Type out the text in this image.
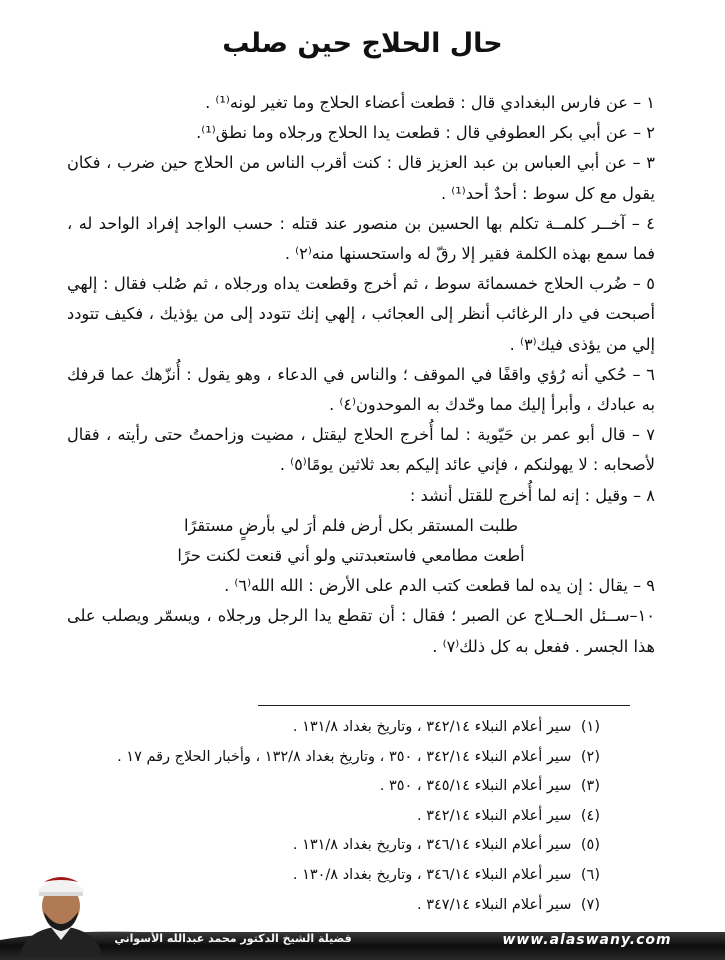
حال الحلاج حين صلب

١ – عن فارس البغدادي قال : قطعت أعضاء الحلاج وما تغير لونه⁽¹⁾ .

٢ – عن أبي بكر العطوفي قال : قطعت يدا الحلاج ورجلاه وما نطق⁽¹⁾.

٣ – عن أبي العباس بن عبد العزيز قال : كنت أقرب الناس من الحلاج حين ضرب ، فكان يقول مع كل سوط : أحدٌ أحد⁽¹⁾ .

٤ – آخــر كلمــة تكلم بها الحسين بن منصور عند قتله : حسب الواجد إفراد الواحد له ، فما سمع بهذه الكلمة فقير إلا رقّ له واستحسنها منه⁽٢⁾ .

٥ – ضُرب الحلاج خمسمائة سوط ، ثم أخرج وقطعت يداه ورجلاه ، ثم صُلب فقال : إلهي أصبحت في دار الرغائب أنظر إلى العجائب ، إلهي إنك تتودد إلى من يؤذيك ، فكيف تتودد إلي من يؤذى فيك⁽٣⁾ .

٦ – حُكي أنه رُؤي واقفًا في الموقف ؛ والناس في الدعاء ، وهو يقول : أُنزّهك عما قرفك به عبادك ، وأبرأ إليك مما وحّدك به الموحدون⁽٤⁾ .

٧ – قال أبو عمر بن حَيّوية : لما أُخرج الحلاج ليقتل ، مضيت وزاحمتُ حتى رأيته ، فقال لأصحابه : لا يهولنكم ، فإني عائد إليكم بعد ثلاثين يومًا⁽٥⁾ .

٨ – وقيل : إنه لما أُخرج للقتل أنشد :

طلبت المستقر بكل أرض فلم أرَ لي بأرضٍ مستقرًا

أطعت مطامعي فاستعبدتني ولو أني قنعت لكنت حرًا

٩ – يقال : إن يده لما قطعت كتب الدم على الأرض : الله الله⁽٦⁾ .

١٠–ســئل الحــلاج عن الصبر ؛ فقال : أن تقطع يدا الرجل ورجلاه ، ويسمّر ويصلب على هذا الجسر . ففعل به كل ذلك⁽٧⁾ .

(١) سير أعلام النبلاء ٣٤٢/١٤ ، وتاريخ بغداد ١٣١/٨ .

(٢) سير أعلام النبلاء ٣٤٢/١٤ ، ٣٥٠ ، وتاريخ بغداد ١٣٢/٨ ، وأخبار الحلاج رقم ١٧ .

(٣) سير أعلام النبلاء ٣٤٥/١٤ ، ٣٥٠ .

(٤) سير أعلام النبلاء ٣٤٢/١٤ .

(٥) سير أعلام النبلاء ٣٤٦/١٤ ، وتاريخ بغداد ١٣١/٨ .

(٦) سير أعلام النبلاء ٣٤٦/١٤ ، وتاريخ بغداد ١٣٠/٨ .

(٧) سير أعلام النبلاء ٣٤٧/١٤ .

فضيلة الشيخ الدكتور محمد عبدالله الأسواني	www.alaswany.com
